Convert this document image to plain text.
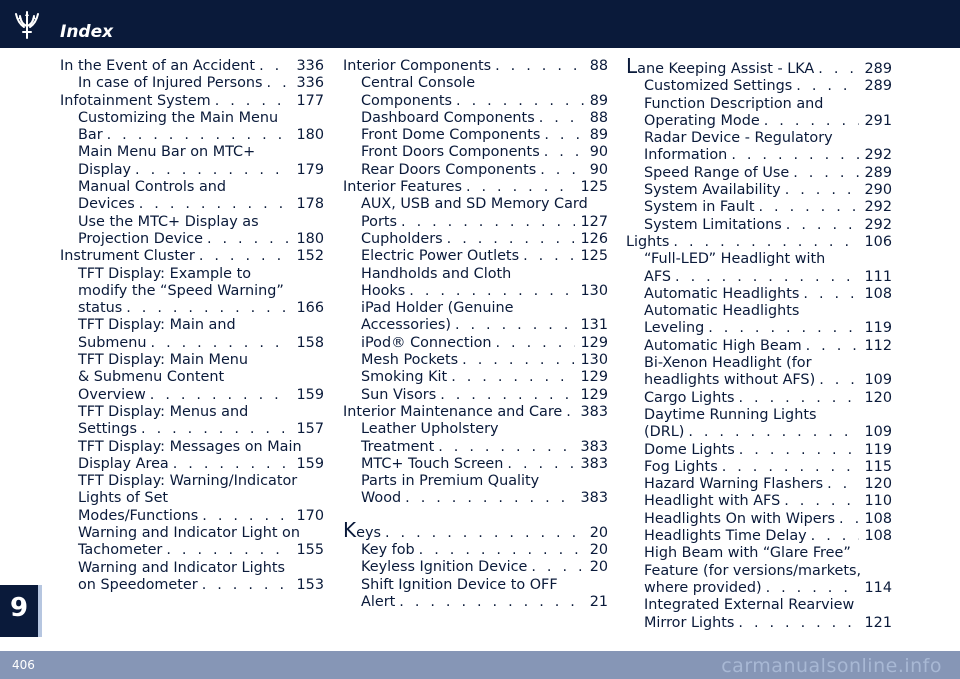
Index
In the Event of an Accident . . .	336
In case of Injured Persons . . . 336
Infotainment System . . .	177
Customizing the Main Menu
Bar . . .	180
Main Menu Bar on MTC+
Display . . .	179
Manual Controls and
Devices . . .	178
Use the MTC+ Display as
Projection Device . . .	180
Instrument Cluster . . .	152
TFT Display: Example to
modify the “Speed Warning”
status . . .	166
TFT Display: Main and
Submenu . . .	158
TFT Display: Main Menu
& Submenu Content
Overview . . .	159
TFT Display: Menus and
Settings . . .	157
TFT Display: Messages on Main
Display Area . . .	159
TFT Display: Warning/Indicator
Lights of Set
Modes/Functions . . .	170
Warning and Indicator Light on
Tachometer . . .	155
Warning and Indicator Lights
on Speedometer . . .	153
Interior Components . . .	88
Central Console
Components . . .	89
Dashboard Components . . .	88
Front Dome Components . . .	89
Front Doors Components . . .	90
Rear Doors Components . . .	90
Interior Features . . .	125
AUX, USB and SD Memory Card
Ports . . .	127
Cupholders . . .	126
Electric Power Outlets . . .	125
Handholds and Cloth
Hooks . . .	130
iPad Holder (Genuine
Accessories) . . .	131
iPod® Connection . . .	129
Mesh Pockets . . .	130
Smoking Kit . . .	129
Sun Visors . . .	129
Interior Maintenance and Care . . . 383
Leather Upholstery
Treatment . . .	383
MTC+ Touch Screen . . .	383
Parts in Premium Quality
Wood . . .	383
Keys . . .	20
Key fob . . .	20
Keyless Ignition Device . . .	20
Shift Ignition Device to OFF
Alert . . .	21
Lane Keeping Assist - LKA . . .	289
Customized Settings . . .	289
Function Description and
Operating Mode . . .	291
Radar Device - Regulatory
Information . . .	292
Speed Range of Use . . .	289
System Availability . . .	290
System in Fault . . .	292
System Limitations . . .	292
Lights . . .	106
“Full-LED” Headlight with
AFS . . .	111
Automatic Headlights . . .	108
Automatic Headlights
Leveling . . .	119
Automatic High Beam . . .	112
Bi-Xenon Headlight (for
headlights without AFS) . . .	109
Cargo Lights . . .	120
Daytime Running Lights
(DRL) . . .	109
Dome Lights . . .	119
Fog Lights . . .	115
Hazard Warning Flashers . . .	120
Headlight with AFS . . .	110
Headlights On with Wipers . . . 108
Headlights Time Delay . . .	108
High Beam with “Glare Free”
Feature (for versions/markets,
where provided) . . .	114
Integrated External Rearview
Mirror Lights . . .	121
9
406	carmanualsonline.info
